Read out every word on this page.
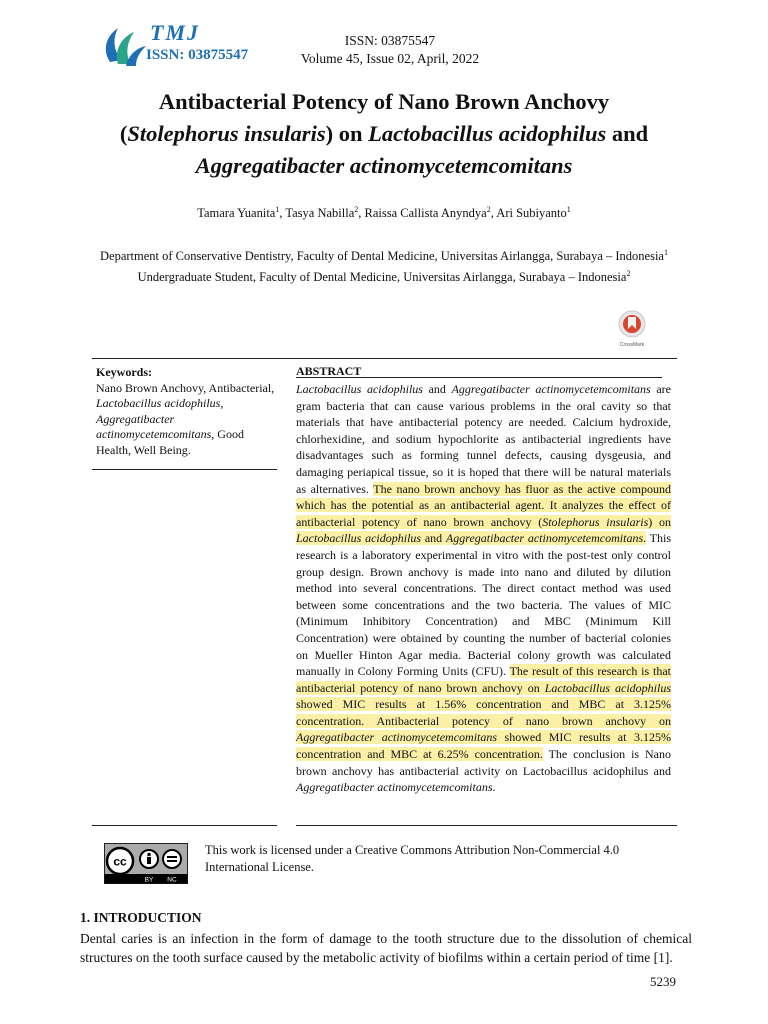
TMJ
ISSN: 03875547
ISSN: 03875547
Volume 45, Issue 02, April, 2022
Antibacterial Potency of Nano Brown Anchovy
(Stolephorus insularis) on Lactobacillus acidophilus and
Aggregatibacter actinomycetemcomitans
Tamara Yuanita$^1$, Tasya Nabilla$^2$, Raissa Callista Anyndya$^2$, Ari Subiyanto$^1$
Department of Conservative Dentistry, Faculty of Dental Medicine, Universitas Airlangga, Surabaya – Indonesia$^1$
Undergraduate Student, Faculty of Dental Medicine, Universitas Airlangga, Surabaya – Indonesia$^2$
CrossMark
Keywords:
Nano Brown Anchovy, Antibacterial, Lactobacillus acidophilus, Aggregatibacter actinomycetemcomitans, Good Health, Well Being.
ABSTRACT
Lactobacillus acidophilus and Aggregatibacter actinomycetemcomitans are gram bacteria that can cause various problems in the oral cavity so that materials that have antibacterial potency are needed. Calcium hydroxide, chlorhexidine, and sodium hypochlorite as antibacterial ingredients have disadvantages such as forming tunnel defects, causing dysgeusia, and damaging periapical tissue, so it is hoped that there will be natural materials as alternatives. The nano brown anchovy has fluor as the active compound which has the potential as an antibacterial agent. It analyzes the effect of antibacterial potency of nano brown anchovy (Stolephorus insularis) on Lactobacillus acidophilus and Aggregatibacter actinomycetemcomitans. This research is a laboratory experimental in vitro with the post-test only control group design. Brown anchovy is made into nano and diluted by dilution method into several concentrations. The direct contact method was used between some concentrations and the two bacteria. The values of MIC (Minimum Inhibitory Concentration) and MBC (Minimum Kill Concentration) were obtained by counting the number of bacterial colonies on Mueller Hinton Agar media. Bacterial colony growth was calculated manually in Colony Forming Units (CFU). The result of this research is that antibacterial potency of nano brown anchovy on Lactobacillus acidophilus showed MIC results at 1.56% concentration and MBC at 3.125% concentration. Antibacterial potency of nano brown anchovy on Aggregatibacter actinomycetemcomitans showed MIC results at 3.125% concentration and MBC at 6.25% concentration. The conclusion is Nano brown anchovy has antibacterial activity on Lactobacillus acidophilus and Aggregatibacter actinomycetemcomitans.
cc
BY NC
This work is licensed under a Creative Commons Attribution Non-Commercial 4.0 International License.
1. INTRODUCTION
Dental caries is an infection in the form of damage to the tooth structure due to the dissolution of chemical structures on the tooth surface caused by the metabolic activity of biofilms within a certain period of time [1].
5239
